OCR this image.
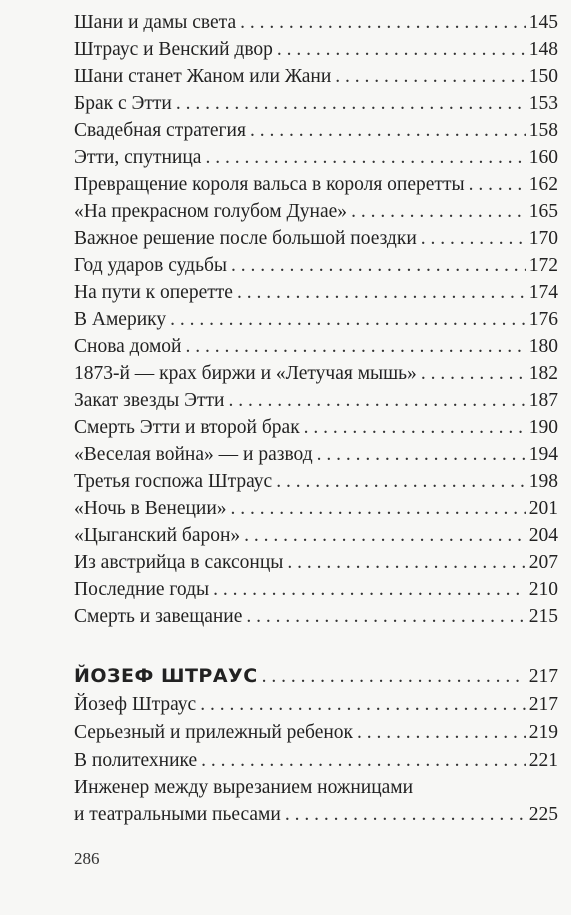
Шани и дамы света . . .	145
Штраус и Венский двор . . .	148
Шани станет Жаном или Жани . . .	150
Брак с Этти . . .	153
Свадебная стратегия . . .	158
Этти, спутница . . .	160
Превращение короля вальса в короля оперетты . . .	162
«На прекрасном голубом Дунае» . . .	165
Важное решение после большой поездки . . .	170
Год ударов судьбы . . .	172
На пути к оперетте . . .	174
В Америку . . .	176
Снова домой . . .	180
1873-й — крах биржи и «Летучая мышь» . . .	182
Закат звезды Этти . . .	187
Смерть Этти и второй брак . . .	190
«Веселая война» — и развод . . .	194
Третья госпожа Штраус . . .	198
«Ночь в Венеции» . . .	201
«Цыганский барон» . . .	204
Из австрийца в саксонцы . . .	207
Последние годы . . .	210
Смерть и завещание . . .	215
ЙОЗЕФ ШТРАУС . . .	217
Йозеф Штраус . . .	217
Серьезный и прилежный ребенок . . .	219
В политехнике . . .	221
Инженер между вырезанием ножницами
и театральными пьесами . . .	225
286
